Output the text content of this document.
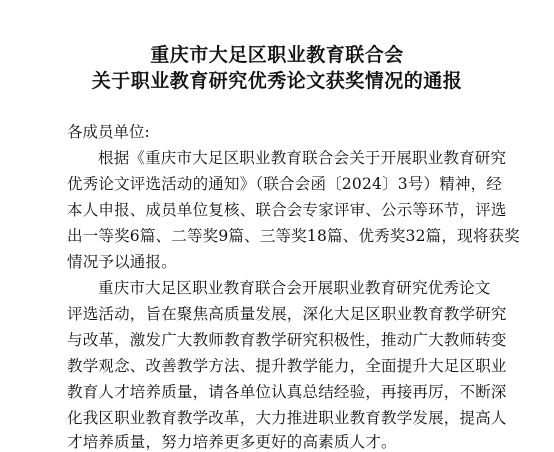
重庆市大足区职业教育联合会
关于职业教育研究优秀论文获奖情况的通报
各成员单位:
根据《重庆市大足区职业教育联合会关于开展职业教育研究
优秀论文评选活动的通知》（联合会函〔2024〕3号）精神，经
本人申报、成员单位复核、联合会专家评审、公示等环节，评选
出一等奖6篇、二等奖9篇、三等奖18篇、优秀奖32篇，现将获奖
情况予以通报。
重庆市大足区职业教育联合会开展职业教育研究优秀论文
评选活动，旨在聚焦高质量发展，深化大足区职业教育教学研究
与改革，激发广大教师教育教学研究积极性，推动广大教师转变
教学观念、改善教学方法、提升教学能力，全面提升大足区职业
教育人才培养质量，请各单位认真总结经验，再接再厉，不断深
化我区职业教育教学改革，大力推进职业教育教学发展，提高人
才培养质量，努力培养更多更好的高素质人才。
